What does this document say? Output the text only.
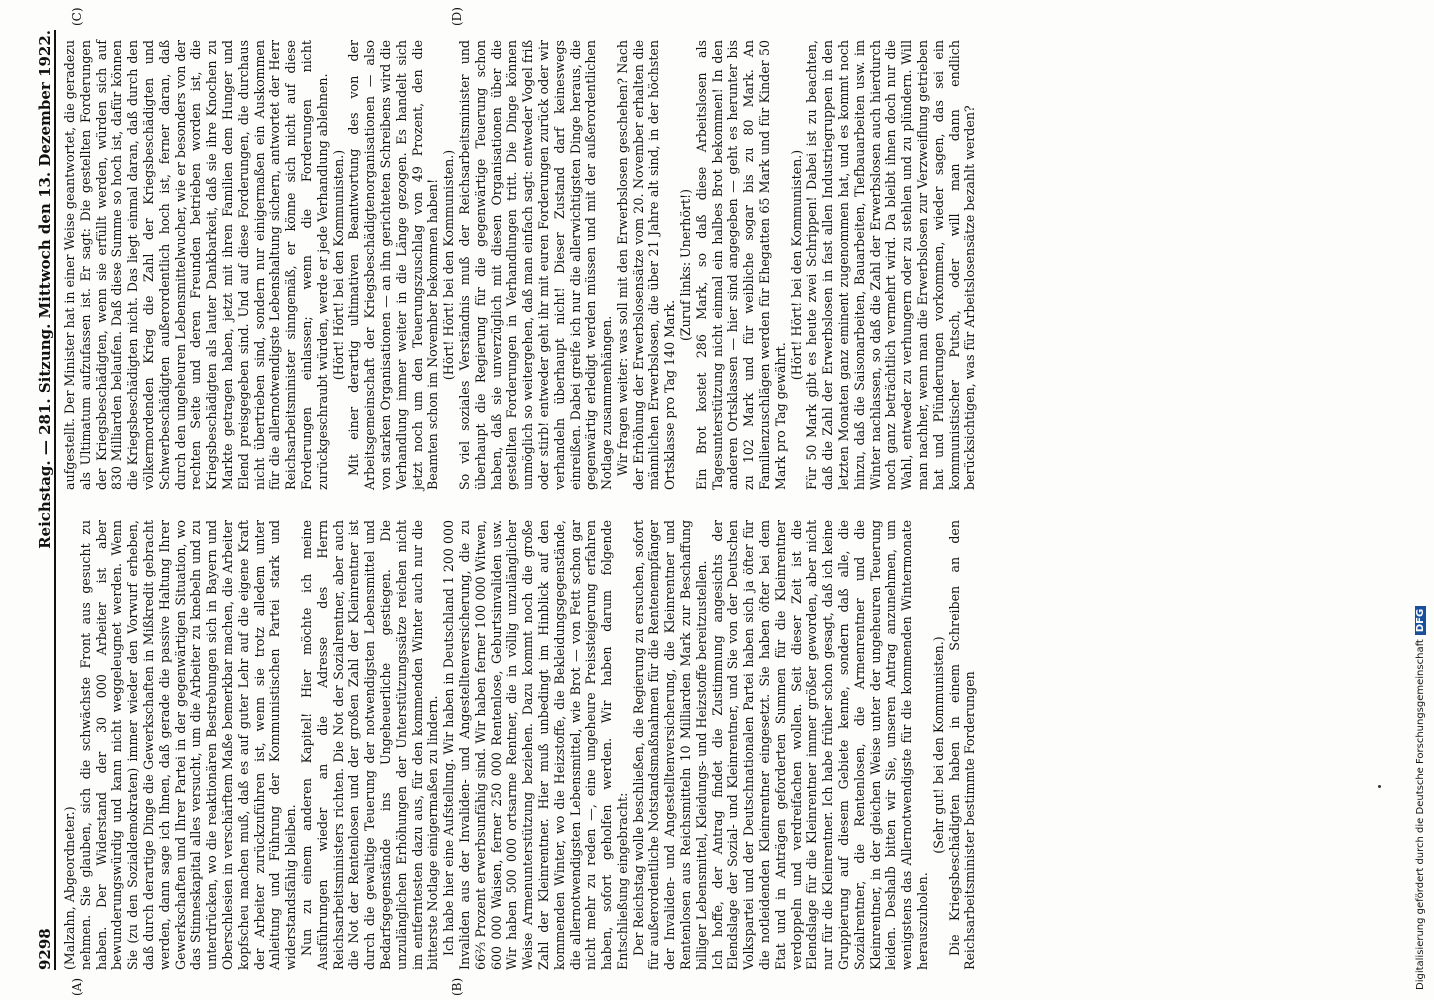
9298
Reichstag. — 281. Sitzung. Mittwoch den 13. Dezember 1922.

(Malzahn, Abgeordneter.) nehmen. Sie glauben, sich die schwächste Front aus gesucht zu haben. Der Widerstand der 30 000 Arbeiter ist aber bewunderungswürdig und kann nicht weggeleugnet werden. Wenn Sie (zu den Sozialdemokraten) immer wieder den Vorwurf erheben, daß durch derartige Dinge die Gewerkschaften in Mißkredit gebracht werden, dann sage ich Ihnen, daß gerade die passive Haltung Ihrer Gewerkschaften und Ihrer Partei in der gegenwärtigen Situation, wo das Stinneskapital alles versucht, um die Arbeiter zu knebeln und zu unterdrücken, wo die reaktionären Bestrebungen sich in Bayern und Oberschlesien in verschärftem Maße bemerkbar machen, die Arbeiter kopfscheu machen muß, daß es auf guter Lehr auf die eigene Kraft der Arbeiter zurückzuführen ist, wenn sie trotz alledem unter Anleitung und Führung der Kommunistischen Partei stark und widerstandsfähig bleiben. Nun zu einem anderen Kapitel! Hier möchte ich meine Ausführungen wieder an die Adresse des Herrn Reichsarbeitsministers richten. Die Not der Sozialrentner, aber auch die Not der Rentenlosen und der großen Zahl der Kleinrentner ist durch die gewaltige Teuerung der notwendigsten Lebensmittel und Bedarfsgegenstände ins Ungeheuerliche gestiegen. Die unzulänglichen Erhöhungen der Unterstützungssätze reichen nicht im entferntesten dazu aus, für den kommenden Winter auch nur die bitterste Notlage einigermaßen zu lindern. Ich habe hier eine Aufstellung. Wir haben in Deutschland 1 200 000 Invaliden aus der Invaliden- und Angestelltenversicherung, die zu 66⅔ Prozent erwerbsunfähig sind. Wir haben ferner 100 000 Witwen, 600 000 Waisen, ferner 250 000 Rentenlose, Geburtsinvaliden usw. Wir haben 500 000 ortsarme Rentner, die in völlig unzulänglicher Weise Armenunterstützung beziehen. Dazu kommt noch die große Zahl der Kleinrentner. Hier muß unbedingt im Hinblick auf den kommenden Winter, wo die Heizstoffe, die Bekleidungsgegenstände, die allernotwendigsten Lebensmittel, wie Brot — von Fett schon gar nicht mehr zu reden —, eine ungeheure Preissteigerung erfahren haben, sofort geholfen werden. Wir haben darum folgende Entschließung eingebracht: Der Reichstag wolle beschließen, die Regierung zu ersuchen, sofort für außerordentliche Notstandsmaßnahmen für die Rentenempfänger der Invaliden- und Angestelltenversicherung, die Kleinrentner und Rentenlosen aus Reichsmitteln 10 Milliarden Mark zur Beschaffung billiger Lebensmittel, Kleidungs- und Heizstoffe bereitzustellen. Ich hoffe, der Antrag findet die Zustimmung angesichts der Elendslage der Sozial- und Kleinrentner, und Sie von der Deutschen Volkspartei und der Deutschnationalen Partei haben sich ja öfter für die notleidenden Kleinrentner eingesetzt. Sie haben öfter bei dem Etat und in Anträgen geforderten Summen für die Kleinrentner verdoppeln und verdreifachen wollen. Seit dieser Zeit ist die Elendslage für die Kleinrentner immer größer geworden, aber nicht nur für die Kleinrentner. Ich habe früher schon gesagt, daß ich keine Gruppierung auf diesem Gebiete kenne, sondern daß alle, die Sozialrentner, die Rentenlosen, die Armenrentner und die Kleinrentner, in der gleichen Weise unter der ungeheuren Teuerung leiden. Deshalb bitten wir Sie, unseren Antrag anzunehmen, um wenigstens das Allernotwendigste für die kommenden Wintermonate herauszuholen.

(Sehr gut! bei den Kommunisten.) Die Kriegsbeschädigten haben in einem Schreiben an den Reichsarbeitsminister bestimmte Forderungen

aufgestellt. Der Minister hat in einer Weise geantwortet, die geradezu als Ultimatum aufzufassen ist. Er sagt: Die gestellten Forderungen der Kriegsbeschädigten, wenn sie erfüllt werden, würden sich auf 830 Milliarden belaufen. Daß diese Summe so hoch ist, dafür können die Kriegsbeschädigten nicht. Das liegt einmal daran, daß durch den völkermordenden Krieg die Zahl der Kriegsbeschädigten und Schwerbeschädigten außerordentlich hoch ist, ferner daran, daß durch den ungeheuren Lebensmittelwucher, wie er besonders von der rechten Seite und deren Freunden betrieben worden ist, die Kriegsbeschädigten als lauter Dankbarkeit, daß sie ihre Knochen zu Markte getragen haben, jetzt mit ihren Familien dem Hunger und Elend preisgegeben sind. Und auf diese Forderungen, die durchaus nicht übertrieben sind, sondern nur einigermaßen ein Auskommen für die allernotwendigste Lebenshaltung sichern, antwortet der Herr Reichsarbeitsminister sinngemäß, er könne sich nicht auf diese Forderungen einlassen; wenn die Forderungen nicht zurückgeschraubt würden, werde er jede Verhandlung ablehnen. (Hört! Hört! bei den Kommunisten.) Mit einer derartig ultimativen Beantwortung des von der Arbeitsgemeinschaft der Kriegsbeschädigtenorganisationen — also von starken Organisationen — an ihn gerichteten Schreibens wird die Verhandlung immer weiter in die Länge gezogen. Es handelt sich jetzt noch um den Teuerungszuschlag von 49 Prozent, den die Beamten schon im November bekommen haben! (Hört! Hört! bei den Kommunisten.) So viel soziales Verständnis muß der Reichsarbeitsminister und überhaupt die Regierung für die gegenwärtige Teuerung schon haben, daß sie unverzüglich mit diesen Organisationen über die gestellten Forderungen in Verhandlungen tritt. Die Dinge können unmöglich so weitergehen, daß man einfach sagt: entweder Vogel friß oder stirb! entweder geht ihr mit euren Forderungen zurück oder wir verhandeln überhaupt nicht! Dieser Zustand darf keineswegs einreißen. Dabei greife ich nur die allerwichtigsten Dinge heraus, die gegenwärtig erledigt werden müssen und mit der außerordentlichen Notlage zusammenhängen. Wir fragen weiter: was soll mit den Erwerbslosen geschehen? Nach der Erhöhung der Erwerbslosensätze vom 20. November erhalten die männlichen Erwerbslosen, die über 21 Jahre alt sind, in der höchsten Ortsklasse pro Tag 140 Mark.

(Zuruf links: Unerhört!) Ein Brot kostet 286 Mark, so daß diese Arbeitslosen als Tagesunterstützung nicht einmal ein halbes Brot bekommen! In den anderen Ortsklassen — hier sind angegeben — geht es herunter bis zu 102 Mark und für weibliche sogar bis zu 80 Mark. An Familienzuschlägen werden für Ehegatten 65 Mark und für Kinder 50 Mark pro Tag gewährt.

(Hört! Hört! bei den Kommunisten.) Für 50 Mark gibt es heute zwei Schrippen! Dabei ist zu beachten, daß die Zahl der Erwerbslosen in fast allen Industriegruppen in den letzten Monaten ganz eminent zugenommen hat, und es kommt noch hinzu, daß die Saisonarbeiten, Bauarbeiten, Tiefbauarbeiten usw. im Winter nachlassen, so daß die Zahl der Erwerbslosen auch hierdurch noch ganz beträchtlich vermehrt wird. Da bleibt ihnen doch nur die Wahl, entweder zu verhungern oder zu stehlen und zu plündern. Will man nachher, wenn man die Erwerbslosen zur Verzweiflung getrieben hat und Plünderungen vorkommen, wieder sagen, das sei ein kommunistischer Putsch, oder will man dann endlich berücksichtigen, was für Arbeitslosensätze bezahlt werden?

(A)	(B)
(C)	(D)
Digitalisierung gefördert durch die Deutsche ForschungsgemeinschaftDFG
